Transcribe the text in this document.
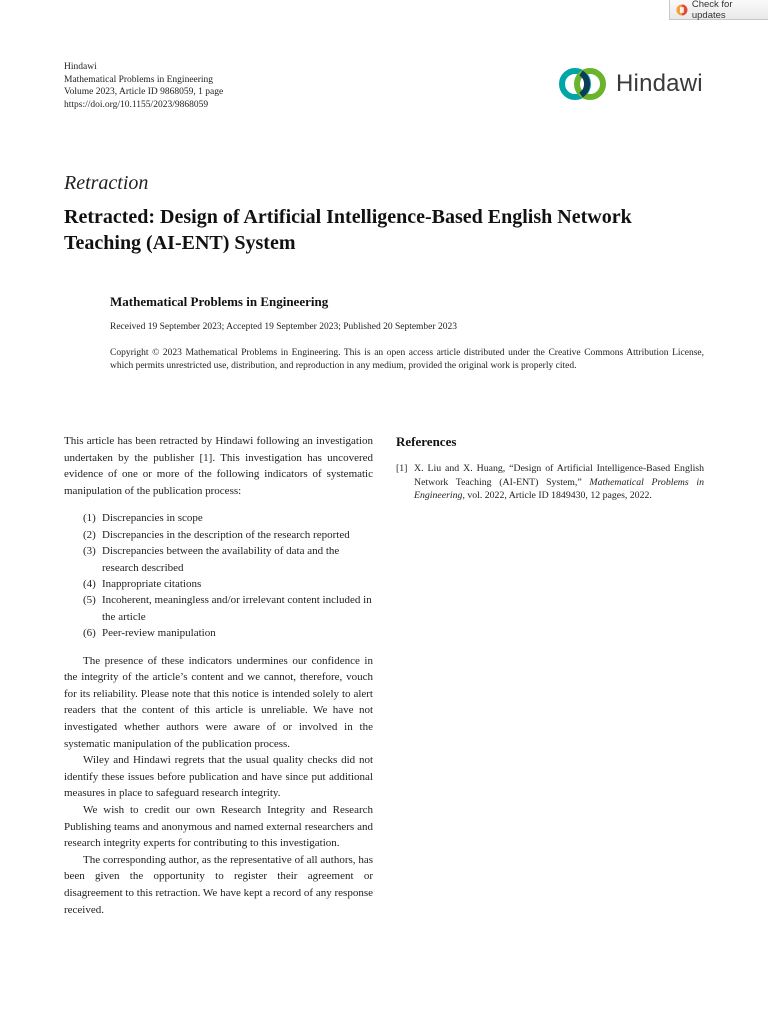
Check for updates
Hindawi
Mathematical Problems in Engineering
Volume 2023, Article ID 9868059, 1 page
https://doi.org/10.1155/2023/9868059
Hindawi
Retraction
Retracted: Design of Artificial Intelligence-Based English Network Teaching (AI-ENT) System
Mathematical Problems in Engineering
Received 19 September 2023; Accepted 19 September 2023; Published 20 September 2023
Copyright © 2023 Mathematical Problems in Engineering. This is an open access article distributed under the Creative Commons Attribution License, which permits unrestricted use, distribution, and reproduction in any medium, provided the original work is properly cited.

This article has been retracted by Hindawi following an investigation undertaken by the publisher [1]. This investigation has uncovered evidence of one or more of the following indicators of systematic manipulation of the publication process:

(1) Discrepancies in scope
(2) Discrepancies in the description of the research reported
(3) Discrepancies between the availability of data and the research described
(4) Inappropriate citations
(5) Incoherent, meaningless and/or irrelevant content included in the article
(6) Peer-review manipulation

The presence of these indicators undermines our confidence in the integrity of the article’s content and we cannot, therefore, vouch for its reliability. Please note that this notice is intended solely to alert readers that the content of this article is unreliable. We have not investigated whether authors were aware of or involved in the systematic manipulation of the publication process.

Wiley and Hindawi regrets that the usual quality checks did not identify these issues before publication and have since put additional measures in place to safeguard research integrity.

We wish to credit our own Research Integrity and Research Publishing teams and anonymous and named external researchers and research integrity experts for contributing to this investigation.

The corresponding author, as the representative of all authors, has been given the opportunity to register their agreement or disagreement to this retraction. We have kept a record of any response received.

References
[1] X. Liu and X. Huang, “Design of Artificial Intelligence-Based English Network Teaching (AI-ENT) System,” Mathematical Problems in Engineering, vol. 2022, Article ID 1849430, 12 pages, 2022.
